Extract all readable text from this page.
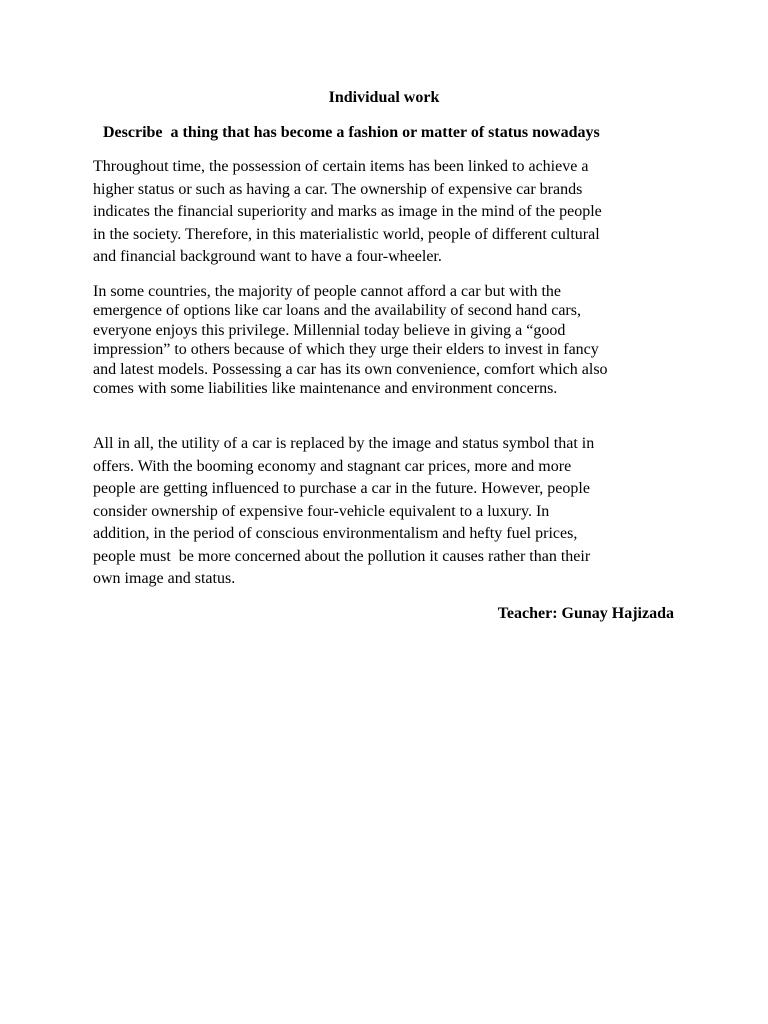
Individual work
Describe  a thing that has become a fashion or matter of status nowadays

Throughout time, the possession of certain items has been linked to achieve a
higher status or such as having a car. The ownership of expensive car brands
indicates the financial superiority and marks as image in the mind of the people
in the society. Therefore, in this materialistic world, people of different cultural
and financial background want to have a four-wheeler.

In some countries, the majority of people cannot afford a car but with the
emergence of options like car loans and the availability of second hand cars,
everyone enjoys this privilege. Millennial today believe in giving a “good
impression” to others because of which they urge their elders to invest in fancy
and latest models. Possessing a car has its own convenience, comfort which also
comes with some liabilities like maintenance and environment concerns.

All in all, the utility of a car is replaced by the image and status symbol that in
offers. With the booming economy and stagnant car prices, more and more
people are getting influenced to purchase a car in the future. However, people
consider ownership of expensive four-vehicle equivalent to a luxury. In
addition, in the period of conscious environmentalism and hefty fuel prices,
people must  be more concerned about the pollution it causes rather than their
own image and status.

Teacher: Gunay Hajizada
